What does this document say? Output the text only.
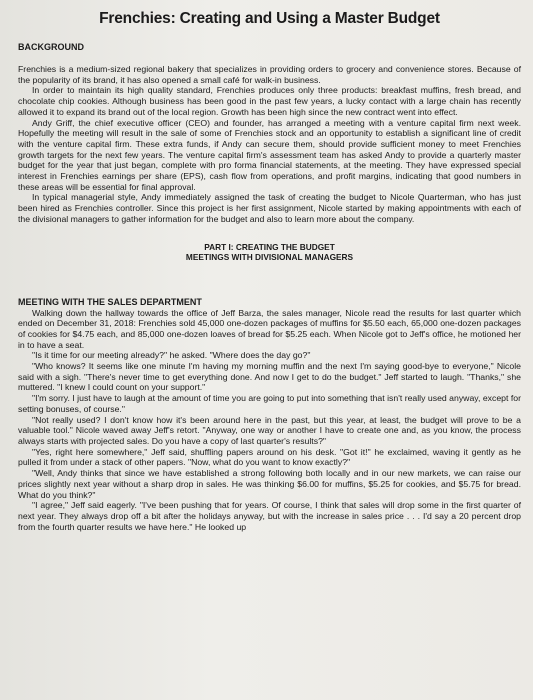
Frenchies: Creating and Using a Master Budget
BACKGROUND

Frenchies is a medium-sized regional bakery that specializes in providing orders to grocery and convenience stores. Because of the popularity of its brand, it has also opened a small café for walk-in business.

In order to maintain its high quality standard, Frenchies produces only three products: breakfast muffins, fresh bread, and chocolate chip cookies. Although business has been good in the past few years, a lucky contact with a large chain has recently allowed it to expand its brand out of the local region. Growth has been high since the new contract went into effect.

Andy Griff, the chief executive officer (CEO) and founder, has arranged a meeting with a venture capital firm next week. Hopefully the meeting will result in the sale of some of Frenchies stock and an opportunity to establish a significant line of credit with the venture capital firm. These extra funds, if Andy can secure them, should provide sufficient money to meet Frenchies growth targets for the next few years. The venture capital firm's assessment team has asked Andy to provide a quarterly master budget for the year that just began, complete with pro forma financial statements, at the meeting. They have expressed special interest in Frenchies earnings per share (EPS), cash flow from operations, and profit margins, indicating that good numbers in these areas will be essential for final approval.

In typical managerial style, Andy immediately assigned the task of creating the budget to Nicole Quarterman, who has just been hired as Frenchies controller. Since this project is her first assignment, Nicole started by making appointments with each of the divisional managers to gather information for the budget and also to learn more about the company.

PART I: CREATING THE BUDGET
MEETINGS WITH DIVISIONAL MANAGERS
MEETING WITH THE SALES DEPARTMENT

Walking down the hallway towards the office of Jeff Barza, the sales manager, Nicole read the results for last quarter which ended on December 31, 2018: Frenchies sold 45,000 one-dozen packages of muffins for $5.50 each, 65,000 one-dozen packages of cookies for $4.75 each, and 85,000 one-dozen loaves of bread for $5.25 each. When Nicole got to Jeff's office, he motioned her in to have a seat.

"Is it time for our meeting already?" he asked. "Where does the day go?"

"Who knows? It seems like one minute I'm having my morning muffin and the next I'm saying good-bye to everyone," Nicole said with a sigh. "There's never time to get everything done. And now I get to do the budget." Jeff started to laugh. "Thanks," she muttered. "I knew I could count on your support."

"I'm sorry. I just have to laugh at the amount of time you are going to put into something that isn't really used anyway, except for setting bonuses, of course."

"Not really used? I don't know how it's been around here in the past, but this year, at least, the budget will prove to be a valuable tool." Nicole waved away Jeff's retort. "Anyway, one way or another I have to create one and, as you know, the process always starts with projected sales. Do you have a copy of last quarter's results?"

"Yes, right here somewhere," Jeff said, shuffling papers around on his desk. "Got it!" he exclaimed, waving it gently as he pulled it from under a stack of other papers. "Now, what do you want to know exactly?"

"Well, Andy thinks that since we have established a strong following both locally and in our new markets, we can raise our prices slightly next year without a sharp drop in sales. He was thinking $6.00 for muffins, $5.25 for cookies, and $5.75 for bread. What do you think?"

"I agree," Jeff said eagerly. "I've been pushing that for years. Of course, I think that sales will drop some in the first quarter of next year. They always drop off a bit after the holidays anyway, but with the increase in sales price . . . I'd say a 20 percent drop from the fourth quarter results we have here." He looked up
